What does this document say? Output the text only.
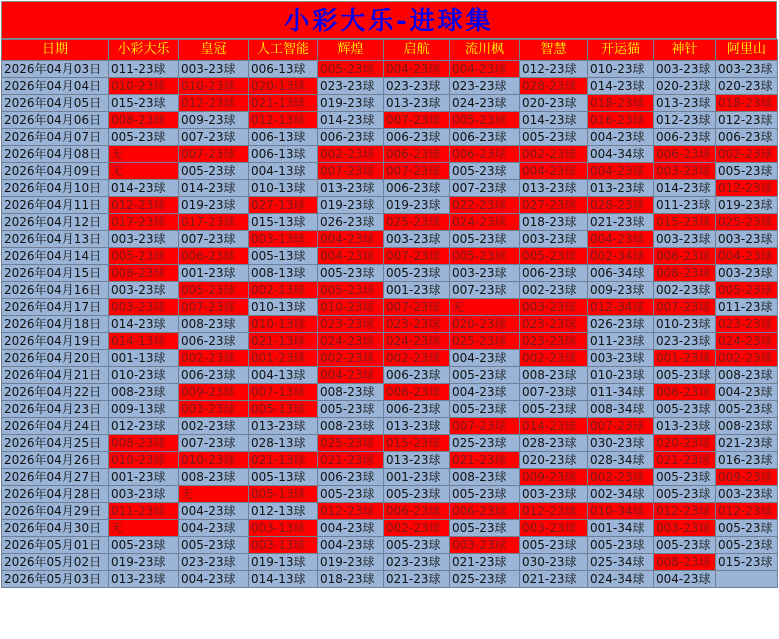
小彩大乐-进球集
日期	小彩大乐	皇冠	人工智能	辉煌	启航	流川枫	智慧	开运猫	神针	阿里山
2026年04月03日	011-23球	003-23球	006-13球	005-23球	004-23球	004-23球	012-23球	010-23球	003-23球	003-23球
2026年04月04日	010-23球	010-23球	020-13球	023-23球	023-23球	023-23球	028-23球	014-23球	020-23球	020-23球
2026年04月05日	015-23球	012-23球	021-13球	019-23球	013-23球	024-23球	020-23球	018-23球	013-23球	018-23球
2026年04月06日	008-23球	009-23球	012-13球	014-23球	007-23球	005-23球	014-23球	016-23球	012-23球	012-23球
2026年04月07日	005-23球	007-23球	006-13球	006-23球	006-23球	006-23球	005-23球	004-23球	006-23球	006-23球
2026年04月08日	无	007-23球	006-13球	002-23球	006-23球	006-23球	002-23球	004-34球	006-23球	002-23球
2026年04月09日	无	005-23球	004-13球	007-23球	007-23球	005-23球	004-23球	004-23球	003-23球	005-23球
2026年04月10日	014-23球	014-23球	010-13球	013-23球	006-23球	007-23球	013-23球	013-23球	014-23球	012-23球
2026年04月11日	012-23球	019-23球	027-13球	019-23球	019-23球	022-23球	027-23球	028-23球	011-23球	019-23球
2026年04月12日	017-23球	017-23球	015-13球	026-23球	025-23球	024-23球	018-23球	021-23球	015-23球	025-23球
2026年04月13日	003-23球	007-23球	003-13球	004-23球	003-23球	005-23球	003-23球	004-23球	003-23球	003-23球
2026年04月14日	005-23球	006-23球	005-13球	004-23球	007-23球	005-23球	005-23球	002-34球	006-23球	004-23球
2026年04月15日	008-23球	001-23球	008-13球	005-23球	005-23球	003-23球	006-23球	006-34球	008-23球	003-23球
2026年04月16日	003-23球	005-23球	002-13球	005-23球	001-23球	007-23球	002-23球	009-23球	002-23球	005-23球
2026年04月17日	003-23球	007-23球	010-13球	010-23球	007-23球	无	003-23球	012-34球	007-23球	011-23球
2026年04月18日	014-23球	008-23球	010-13球	023-23球	023-23球	020-23球	023-23球	026-23球	010-23球	023-23球
2026年04月19日	014-13球	006-23球	021-13球	024-23球	024-23球	025-23球	023-23球	011-23球	023-23球	024-23球
2026年04月20日	001-13球	002-23球	001-23球	002-23球	002-23球	004-23球	002-23球	003-23球	001-23球	002-23球
2026年04月21日	010-23球	006-23球	004-13球	004-23球	006-23球	005-23球	008-23球	010-23球	005-23球	008-23球
2026年04月22日	008-23球	009-23球	007-13球	008-23球	006-23球	004-23球	007-23球	011-34球	006-23球	004-23球
2026年04月23日	009-13球	003-23球	005-13球	005-23球	006-23球	005-23球	005-23球	008-34球	005-23球	005-23球
2026年04月24日	012-23球	002-23球	013-23球	008-23球	013-23球	007-23球	014-23球	007-23球	013-23球	008-23球
2026年04月25日	008-23球	007-23球	028-13球	025-23球	015-23球	025-23球	028-23球	030-23球	020-23球	021-23球
2026年04月26日	010-23球	010-23球	021-13球	021-23球	013-23球	021-23球	020-23球	028-34球	021-23球	016-23球
2026年04月27日	001-23球	008-23球	005-13球	006-23球	001-23球	008-23球	009-23球	002-23球	005-23球	009-23球
2026年04月28日	003-23球	无	005-13球	005-23球	005-23球	005-23球	003-23球	002-34球	005-23球	003-23球
2026年04月29日	011-23球	004-23球	012-13球	012-23球	006-23球	006-23球	012-23球	010-34球	012-23球	012-23球
2026年04月30日	无	004-23球	003-13球	004-23球	002-23球	005-23球	003-23球	001-34球	003-23球	005-23球
2026年05月01日	005-23球	005-23球	003-13球	004-23球	005-23球	003-23球	005-23球	005-23球	005-23球	005-23球
2026年05月02日	019-23球	023-23球	019-13球	019-23球	023-23球	021-23球	030-23球	025-34球	008-23球	015-23球
2026年05月03日	013-23球	004-23球	014-13球	018-23球	021-23球	025-23球	021-23球	024-34球	004-23球	
